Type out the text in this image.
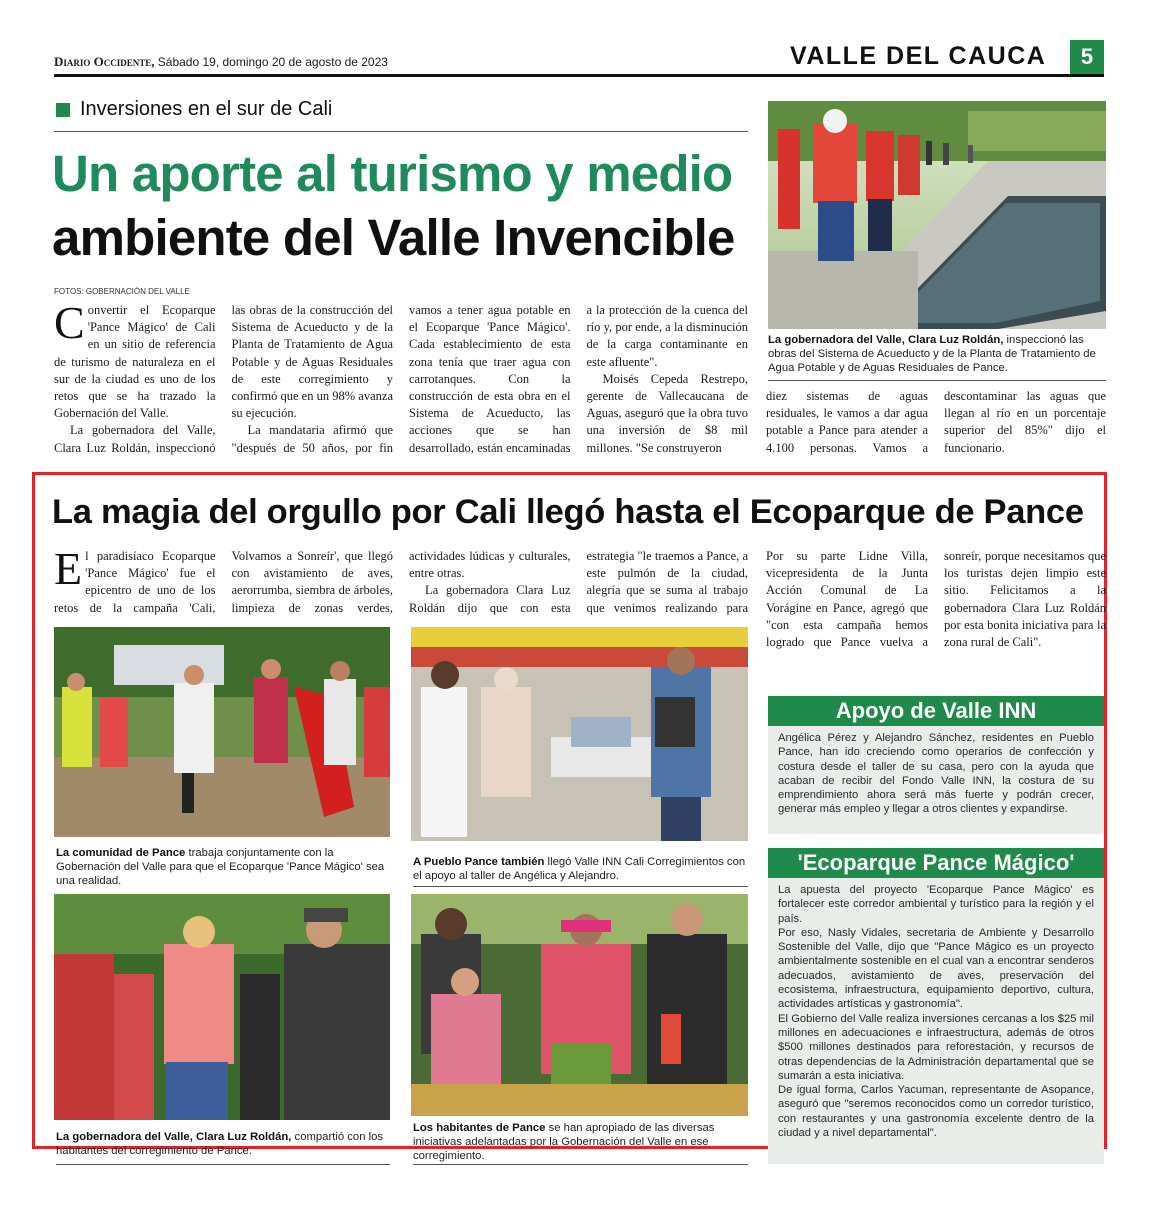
Diario Occidente, Sábado 19, domingo 20 de agosto de 2023	VALLE DEL CAUCA	5
Inversiones en el sur de Cali
Un aporte al turismo y medio
ambiente del Valle Invencible
FOTOS: GOBERNACIÓN DEL VALLE

Convertir el Ecoparque 'Pance Mágico' de Cali en un sitio de referencia de turismo de naturaleza en el sur de la ciudad es uno de los retos que se ha trazado la Gobernación del Valle.

La gobernadora del Valle, Clara Luz Roldán, inspeccionó las obras de la construcción del Sistema de Acueducto y de la Planta de Tratamiento de Agua Potable y de Aguas Residuales de este corregimiento y confirmó que en un 98% avanza su ejecución.

La mandataria afirmó que "después de 50 años, por fin vamos a tener agua potable en el Ecoparque 'Pance Mágico'. Cada establecimiento de esta zona tenía que traer agua con carrotanques. Con la construcción de esta obra en el Sistema de Acueducto, las acciones que se han desarrollado, están encaminadas a la protección de la cuenca del río y, por ende, a la disminución de la carga contaminante en este afluente".

Moisés Cepeda Restrepo, gerente de Vallecaucana de Aguas, aseguró que la obra tuvo una inversión de $8 mil millones. "Se construyeron

La gobernadora del Valle, Clara Luz Roldán, inspeccionó las obras del Sistema de Acueducto y de la Planta de Tratamiento de Agua Potable y de Aguas Residuales de Pance.

diez sistemas de aguas residuales, le vamos a dar agua potable a Pance para atender a 4.100 personas. Vamos a descontaminar las aguas que llegan al río en un porcentaje superior del 85%" dijo el funcionario.

La magia del orgullo por Cali llegó hasta el Ecoparque de Pance

El paradisíaco Ecoparque 'Pance Mágico' fue el epicentro de uno de los retos de la campaña 'Cali, Volvamos a Sonreír', que llegó con avistamiento de aves, aerorrumba, siembra de árboles, limpieza de zonas verdes, actividades lúdicas y culturales, entre otras.

La gobernadora Clara Luz Roldán dijo que con esta estrategia "le traemos a Pance, a este pulmón de la ciudad, alegría que se suma al trabajo que venimos realizando para

Por su parte Lidne Villa, vicepresidenta de la Junta Acción Comunal de La Vorágine en Pance, agregó que "con esta campaña hemos logrado que Pance vuelva a sonreír, porque necesitamos que los turistas dejen limpio este sitio. Felicitamos a la gobernadora Clara Luz Roldán por esta bonita iniciativa para la zona rural de Cali".

La comunidad de Pance trabaja conjuntamente con la Gobernación del Valle para que el Ecoparque 'Pance Mágico' sea una realidad.
A Pueblo Pance también llegó Valle INN Cali Corregimientos con el apoyo al taller de Angélica y Alejandro.
La gobernadora del Valle, Clara Luz Roldán, compartió con los habitantes del corregimiento de Pance.
Los habitantes de Pance se han apropiado de las diversas iniciativas adelantadas por la Gobernación del Valle en ese corregimiento.
Apoyo de Valle INN

Angélica Pérez y Alejandro Sánchez, residentes en Pueblo Pance, han ido creciendo como operarios de confección y costura desde el taller de su casa, pero con la ayuda que acaban de recibir del Fondo Valle INN, la costura de su emprendimiento ahora será más fuerte y podrán crecer, generar más empleo y llegar a otros clientes y expandirse.

'Ecoparque Pance Mágico'

La apuesta del proyecto 'Ecoparque Pance Mágico' es fortalecer este corredor ambiental y turístico para la región y el país.

Por eso, Nasly Vidales, secretaria de Ambiente y Desarrollo Sostenible del Valle, dijo que "Pance Mágico es un proyecto ambientalmente sostenible en el cual van a encontrar senderos adecuados, avistamiento de aves, preservación del ecosistema, infraestructura, equipamiento deportivo, cultura, actividades artísticas y gastronomía".

El Gobierno del Valle realiza inversiones cercanas a los $25 mil millones en adecuaciones e infraestructura, además de otros $500 millones destinados para reforestación, y recursos de otras dependencias de la Administración departamental que se sumarán a esta iniciativa.

De igual forma, Carlos Yacuman, representante de Asopance, aseguró que "seremos reconocidos como un corredor turístico, con restaurantes y una gastronomía excelente dentro de la ciudad y a nivel departamental".
